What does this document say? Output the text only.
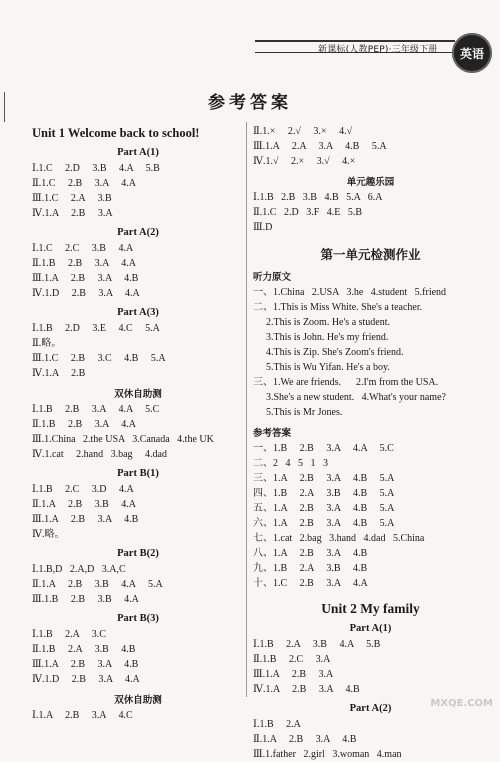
新课标(人教PEP)·三年级下册	英语
参考答案
Unit 1 Welcome back to school!
Part A(1)
Ⅰ.1.C     2.D     3.B     4.A     5.B
Ⅱ.1.C     2.B     3.A     4.A
Ⅲ.1.C     2.A     3.B
Ⅳ.1.A     2.B     3.A
Part A(2)
Ⅰ.1.C     2.C     3.B     4.A
Ⅱ.1.B     2.B     3.A     4.A
Ⅲ.1.A     2.B     3.A     4.B
Ⅳ.1.D     2.B     3.A     4.A
Part A(3)
Ⅰ.1.B     2.D     3.E     4.C     5.A
Ⅱ.略。
Ⅲ.1.C     2.B     3.C     4.B     5.A
Ⅳ.1.A     2.B
双休自助测
Ⅰ.1.B     2.B     3.A     4.A     5.C
Ⅱ.1.B     2.B     3.A     4.A
Ⅲ.1.China   2.the USA   3.Canada   4.the UK
Ⅳ.1.cat     2.hand   3.bag     4.dad
Part B(1)
Ⅰ.1.B     2.C     3.D     4.A
Ⅱ.1.A     2.B     3.B     4.A
Ⅲ.1.A     2.B     3.A     4.B
Ⅳ.略。
Part B(2)
Ⅰ.1.B,D   2.A,D   3.A,C
Ⅱ.1.A     2.B     3.B     4.A     5.A
Ⅲ.1.B     2.B     3.B     4.A
Part B(3)
Ⅰ.1.B     2.A     3.C
Ⅱ.1.B     2.A     3.B     4.B
Ⅲ.1.A     2.B     3.A     4.B
Ⅳ.1.D     2.B     3.A     4.A
双休自助测
Ⅰ.1.A     2.B     3.A     4.C
Ⅱ.1.×     2.√     3.×     4.√
Ⅲ.1.A     2.A     3.A     4.B     5.A
Ⅳ.1.√     2.×     3.√     4.×
单元趣乐园
Ⅰ.1.B   2.B   3.B   4.B   5.A   6.A
Ⅱ.1.C   2.D   3.F   4.E   5.B
Ⅲ.D
第一单元检测作业
听力原文
一、1.China   2.USA   3.he   4.student   5.friend
二、1.This is Miss White. She's a teacher.
2.This is Zoom. He's a student.
3.This is John. He's my friend.
4.This is Zip. She's Zoom's friend.
5.This is Wu Yifan. He's a boy.
三、1.We are friends.      2.I'm from the USA.
3.She's a new student.   4.What's your name?
5.This is Mr Jones.
参考答案
一、1.B     2.B     3.A     4.A     5.C
二、2   4   5   1   3
三、1.A     2.B     3.A     4.B     5.A
四、1.B     2.A     3.B     4.B     5.A
五、1.A     2.B     3.A     4.B     5.A
六、1.A     2.B     3.A     4.B     5.A
七、1.cat   2.bag   3.hand   4.dad   5.China
八、1.A     2.B     3.A     4.B
九、1.B     2.A     3.B     4.B
十、1.C     2.B     3.A     4.A
Unit 2 My family
Part A(1)
Ⅰ.1.B     2.A     3.B     4.A     5.B
Ⅱ.1.B     2.C     3.A
Ⅲ.1.A     2.B     3.A
Ⅳ.1.A     2.B     3.A     4.B
Part A(2)
Ⅰ.1.B     2.A
Ⅱ.1.A     2.B     3.A     4.B
Ⅲ.1.father   2.girl   3.woman   4.man
MXQE.COM
